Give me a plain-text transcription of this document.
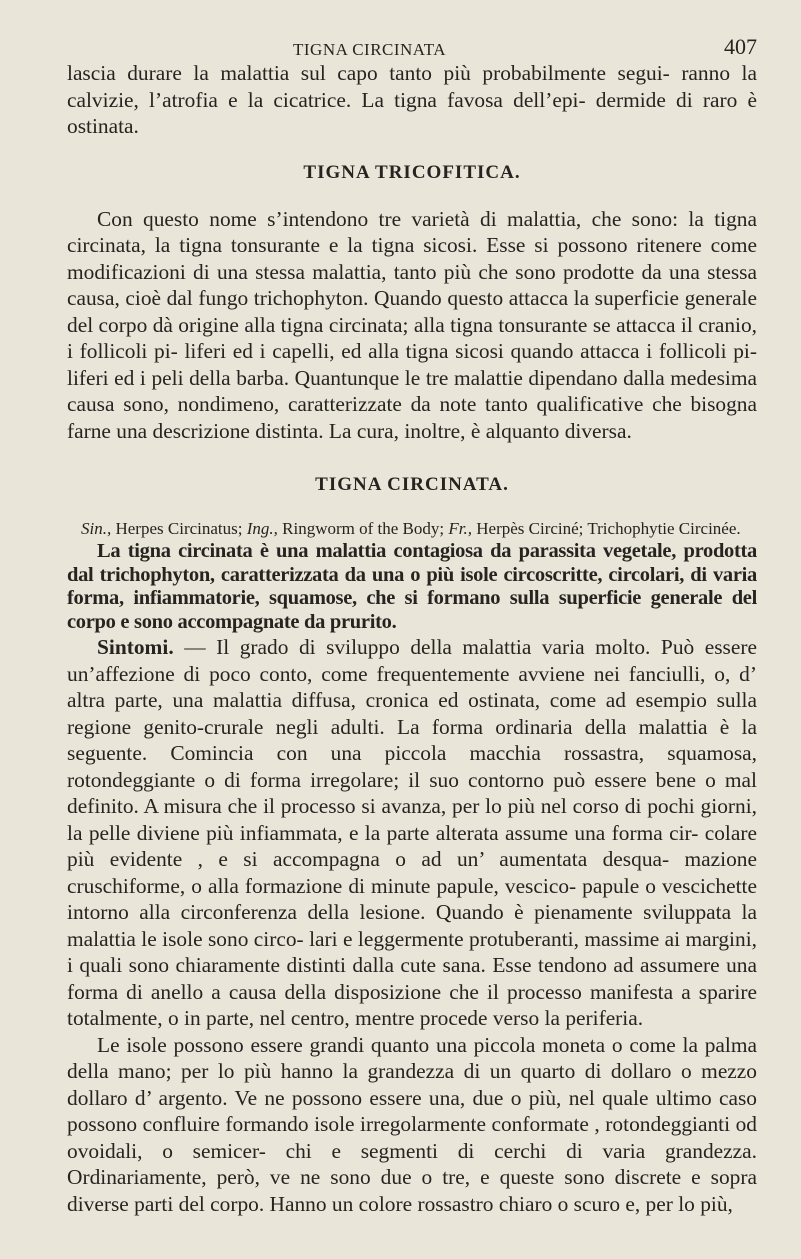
TIGNA CIRCINATA	407

lascia durare la malattia sul capo tanto più probabilmente segui- ranno la calvizie, l’atrofia e la cicatrice. La tigna favosa dell’epi- dermide di raro è ostinata.

TIGNA TRICOFITICA.

Con questo nome s’intendono tre varietà di malattia, che sono: la tigna circinata, la tigna tonsurante e la tigna sicosi. Esse si possono ritenere come modificazioni di una stessa malattia, tanto più che sono prodotte da una stessa causa, cioè dal fungo trichophyton. Quando questo attacca la superficie generale del corpo dà origine alla tigna circinata; alla tigna tonsurante se attacca il cranio, i follicoli pi- liferi ed i capelli, ed alla tigna sicosi quando attacca i follicoli pi- liferi ed i peli della barba. Quantunque le tre malattie dipendano dalla medesima causa sono, nondimeno, caratterizzate da note tanto qualificative che bisogna farne una descrizione distinta. La cura, inoltre, è alquanto diversa.

TIGNA CIRCINATA.

Sin., Herpes Circinatus; Ing., Ringworm of the Body; Fr., Herpès Circiné; Trichophytie Circinée.

La tigna circinata è una malattia contagiosa da parassita vegetale, prodotta dal trichophyton, caratterizzata da una o più isole circoscritte, circolari, di varia forma, infiammatorie, squamose, che si formano sulla superficie generale del corpo e sono accompagnate da prurito.

Sintomi. — Il grado di sviluppo della malattia varia molto. Può essere un’affezione di poco conto, come frequentemente avviene nei fanciulli, o, d’ altra parte, una malattia diffusa, cronica ed ostinata, come ad esempio sulla regione genito-crurale negli adulti. La forma ordinaria della malattia è la seguente. Comincia con una piccola macchia rossastra, squamosa, rotondeggiante o di forma irregolare; il suo contorno può essere bene o mal definito. A misura che il processo si avanza, per lo più nel corso di pochi giorni, la pelle diviene più infiammata, e la parte alterata assume una forma cir- colare più evidente , e si accompagna o ad un’ aumentata desqua- mazione cruschiforme, o alla formazione di minute papule, vescico- papule o vescichette intorno alla circonferenza della lesione. Quando è pienamente sviluppata la malattia le isole sono circo- lari e leggermente protuberanti, massime ai margini, i quali sono chiaramente distinti dalla cute sana. Esse tendono ad assumere una forma di anello a causa della disposizione che il processo manifesta a sparire totalmente, o in parte, nel centro, mentre procede verso la periferia.

Le isole possono essere grandi quanto una piccola moneta o come la palma della mano; per lo più hanno la grandezza di un quarto di dollaro o mezzo dollaro d’ argento. Ve ne possono essere una, due o più, nel quale ultimo caso possono confluire formando isole irregolarmente conformate , rotondeggianti od ovoidali, o semicer- chi e segmenti di cerchi di varia grandezza. Ordinariamente, però, ve ne sono due o tre, e queste sono discrete e sopra diverse parti del corpo. Hanno un colore rossastro chiaro o scuro e, per lo più,
